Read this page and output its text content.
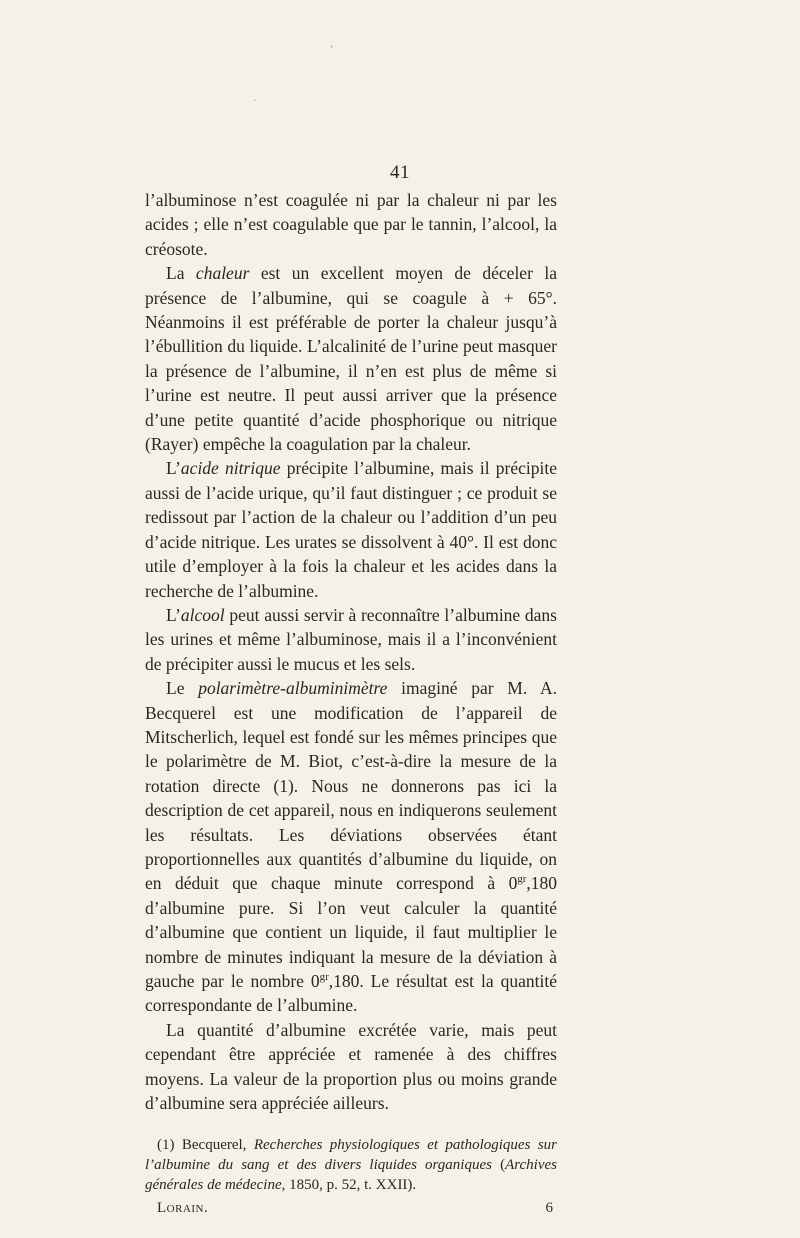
‘
·
41

l’albuminose n’est coagulée ni par la chaleur ni par les acides ; elle n’est coagulable que par le tannin, l’alcool, la créosote.

La chaleur est un excellent moyen de déceler la présence de l’albumine, qui se coagule à + 65°. Néanmoins il est préférable de porter la chaleur jusqu’à l’ébullition du liquide. L’alcalinité de l’urine peut masquer la présence de l’albumine, il n’en est plus de même si l’urine est neutre. Il peut aussi arriver que la présence d’une petite quantité d’acide phosphorique ou nitrique (Rayer) empêche la coagulation par la chaleur.

L’acide nitrique précipite l’albumine, mais il précipite aussi de l’acide urique, qu’il faut distinguer ; ce produit se redissout par l’action de la chaleur ou l’addition d’un peu d’acide nitrique. Les urates se dissolvent à 40°. Il est donc utile d’employer à la fois la chaleur et les acides dans la recherche de l’albumine.

L’alcool peut aussi servir à reconnaître l’albumine dans les urines et même l’albuminose, mais il a l’inconvénient de précipiter aussi le mucus et les sels.

Le polarimètre-albuminimètre imaginé par M. A. Becquerel est une modification de l’appareil de Mitscherlich, lequel est fondé sur les mêmes principes que le polarimètre de M. Biot, c’est-à-dire la mesure de la rotation directe (1). Nous ne donnerons pas ici la description de cet appareil, nous en indiquerons seulement les résultats. Les déviations observées étant proportionnelles aux quantités d’albumine du liquide, on en déduit que chaque minute correspond à $0^{gr},180$ d’albumine pure. Si l’on veut calculer la quantité d’albumine que contient un liquide, il faut multiplier le nombre de minutes indiquant la mesure de la déviation à gauche par le nombre $0^{gr},180$. Le résultat est la quantité correspondante de l’albumine.

La quantité d’albumine excrétée varie, mais peut cependant être appréciée et ramenée à des chiffres moyens. La valeur de la proportion plus ou moins grande d’albumine sera appréciée ailleurs.

(1) Becquerel, Recherches physiologiques et pathologiques sur l’albumine du sang et des divers liquides organiques (Archives générales de médecine, 1850, p. 52, t. XXII).

Lorain.	6
